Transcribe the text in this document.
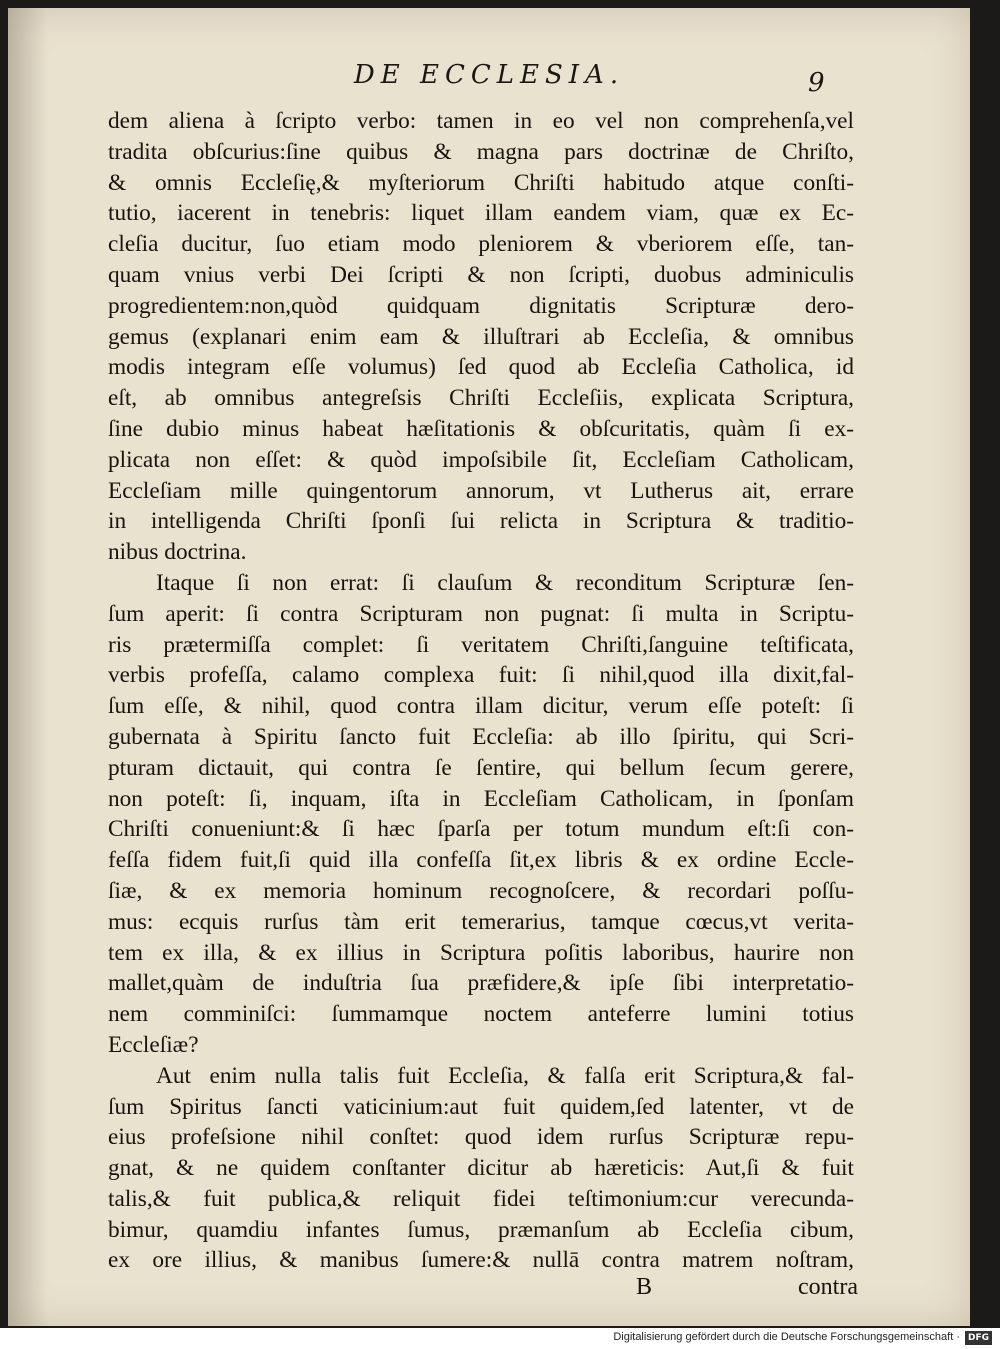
DE ECCLESIA.	9
dem aliena à ſcripto verbo: tamen in eo vel non comprehenſa,vel
tradita obſcurius:ſine quibus & magna pars doctrinæ de Chriſto,
& omnis Eccleſię,& myſteriorum Chriſti habitudo atque conſti-
tutio, iacerent in tenebris: liquet illam eandem viam, quæ ex Ec-
cleſia ducitur, ſuo etiam modo pleniorem & vberiorem eſſe, tan-
quam vnius verbi Dei ſcripti & non ſcripti, duobus adminiculis
progredientem:non,quòd quidquam dignitatis Scripturæ dero-
gemus (explanari enim eam & illuſtrari ab Eccleſia, & omnibus
modis integram eſſe volumus) ſed quod ab Eccleſia Catholica, id
eſt, ab omnibus antegreſsis Chriſti Eccleſiis, explicata Scriptura,
ſine dubio minus habeat hæſitationis & obſcuritatis, quàm ſi ex-
plicata non eſſet: & quòd impoſsibile ſit, Eccleſiam Catholicam,
Eccleſiam mille quingentorum annorum, vt Lutherus ait, errare
in intelligenda Chriſti ſponſi ſui relicta in Scriptura & traditio-
nibus doctrina.
Itaque ſi non errat: ſi clauſum & reconditum Scripturæ ſen-
ſum aperit: ſi contra Scripturam non pugnat: ſi multa in Scriptu-
ris prætermiſſa complet: ſi veritatem Chriſti,ſanguine teſtificata,
verbis profeſſa, calamo complexa fuit: ſi nihil,quod illa dixit,fal-
ſum eſſe, & nihil, quod contra illam dicitur, verum eſſe poteſt: ſi
gubernata à Spiritu ſancto fuit Eccleſia: ab illo ſpiritu, qui Scri-
pturam dictauit, qui contra ſe ſentire, qui bellum ſecum gerere,
non poteſt: ſi, inquam, iſta in Eccleſiam Catholicam, in ſponſam
Chriſti conueniunt:& ſi hæc ſparſa per totum mundum eſt:ſi con-
feſſa fidem fuit,ſi quid illa confeſſa ſit,ex libris & ex ordine Eccle-
ſiæ, & ex memoria hominum recognoſcere, & recordari poſſu-
mus: ecquis rurſus tàm erit temerarius, tamque cœcus,vt verita-
tem ex illa, & ex illius in Scriptura poſitis laboribus, haurire non
mallet,quàm de induſtria ſua præfidere,& ipſe ſibi interpretatio-
nem comminiſci: ſummamque noctem anteferre lumini totius
Eccleſiæ?
Aut enim nulla talis fuit Eccleſia, & falſa erit Scriptura,& fal-
ſum Spiritus ſancti vaticinium:aut fuit quidem,ſed latenter, vt de
eius profeſsione nihil conſtet: quod idem rurſus Scripturæ repu-
gnat, & ne quidem conſtanter dicitur ab hæreticis: Aut,ſi & fuit
talis,& fuit publica,& reliquit fidei teſtimonium:cur verecunda-
bimur, quamdiu infantes ſumus, præmanſum ab Eccleſia cibum,
ex ore illius, & manibus ſumere:& nullā contra matrem noſtram,
B	contra
Digitalisierung gefördert durch die Deutsche Forschungsgemeinschaft · DFG
